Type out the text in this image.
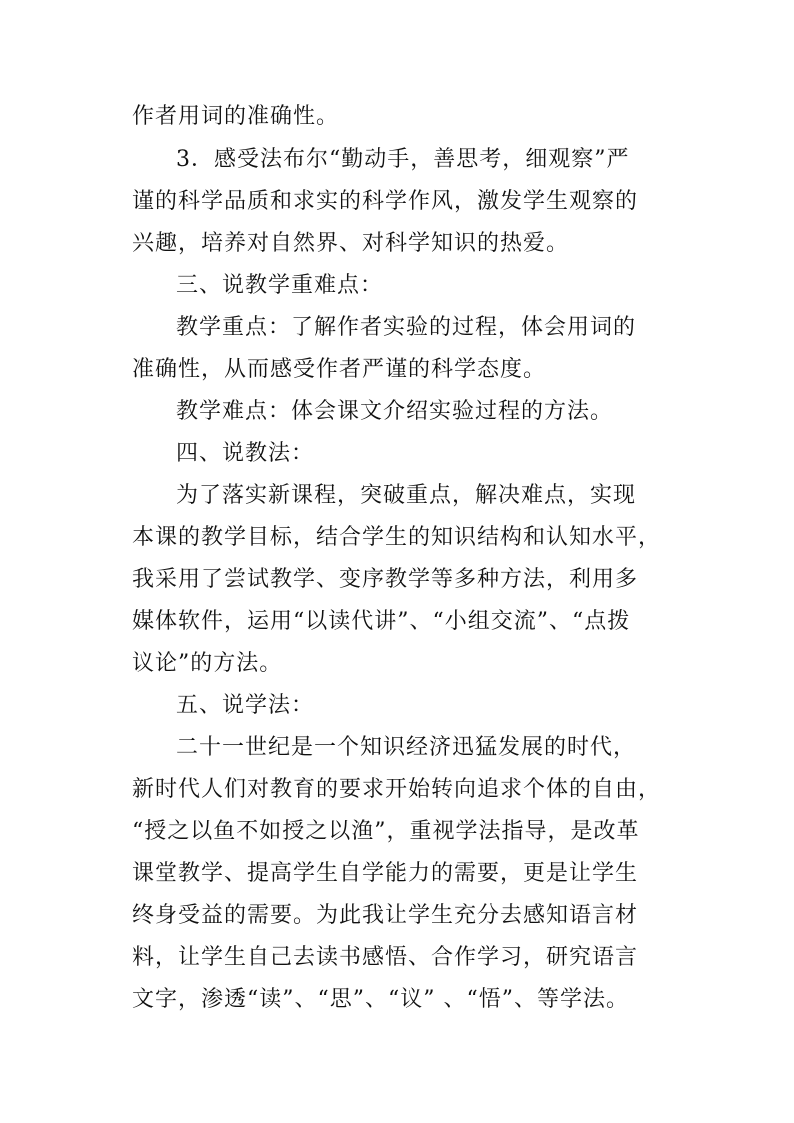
作者用词的准确性。
3．感受法布尔“勤动手，善思考，细观察”严
谨的科学品质和求实的科学作风，激发学生观察的
兴趣，培养对自然界、对科学知识的热爱。
三、说教学重难点：
教学重点：了解作者实验的过程，体会用词的
准确性，从而感受作者严谨的科学态度。
教学难点：体会课文介绍实验过程的方法。
四、说教法：
为了落实新课程，突破重点，解决难点，实现
本课的教学目标，结合学生的知识结构和认知水平，
我采用了尝试教学、变序教学等多种方法，利用多
媒体软件，运用“以读代讲”、“小组交流”、“点拨
议论”的方法。
五、说学法：
二十一世纪是一个知识经济迅猛发展的时代，
新时代人们对教育的要求开始转向追求个体的自由，
“授之以鱼不如授之以渔”，重视学法指导，是改革
课堂教学、提高学生自学能力的需要，更是让学生
终身受益的需要。为此我让学生充分去感知语言材
料，让学生自己去读书感悟、合作学习，研究语言
文字，渗透“读”、“思”、“议” 、“悟”、等学法。
